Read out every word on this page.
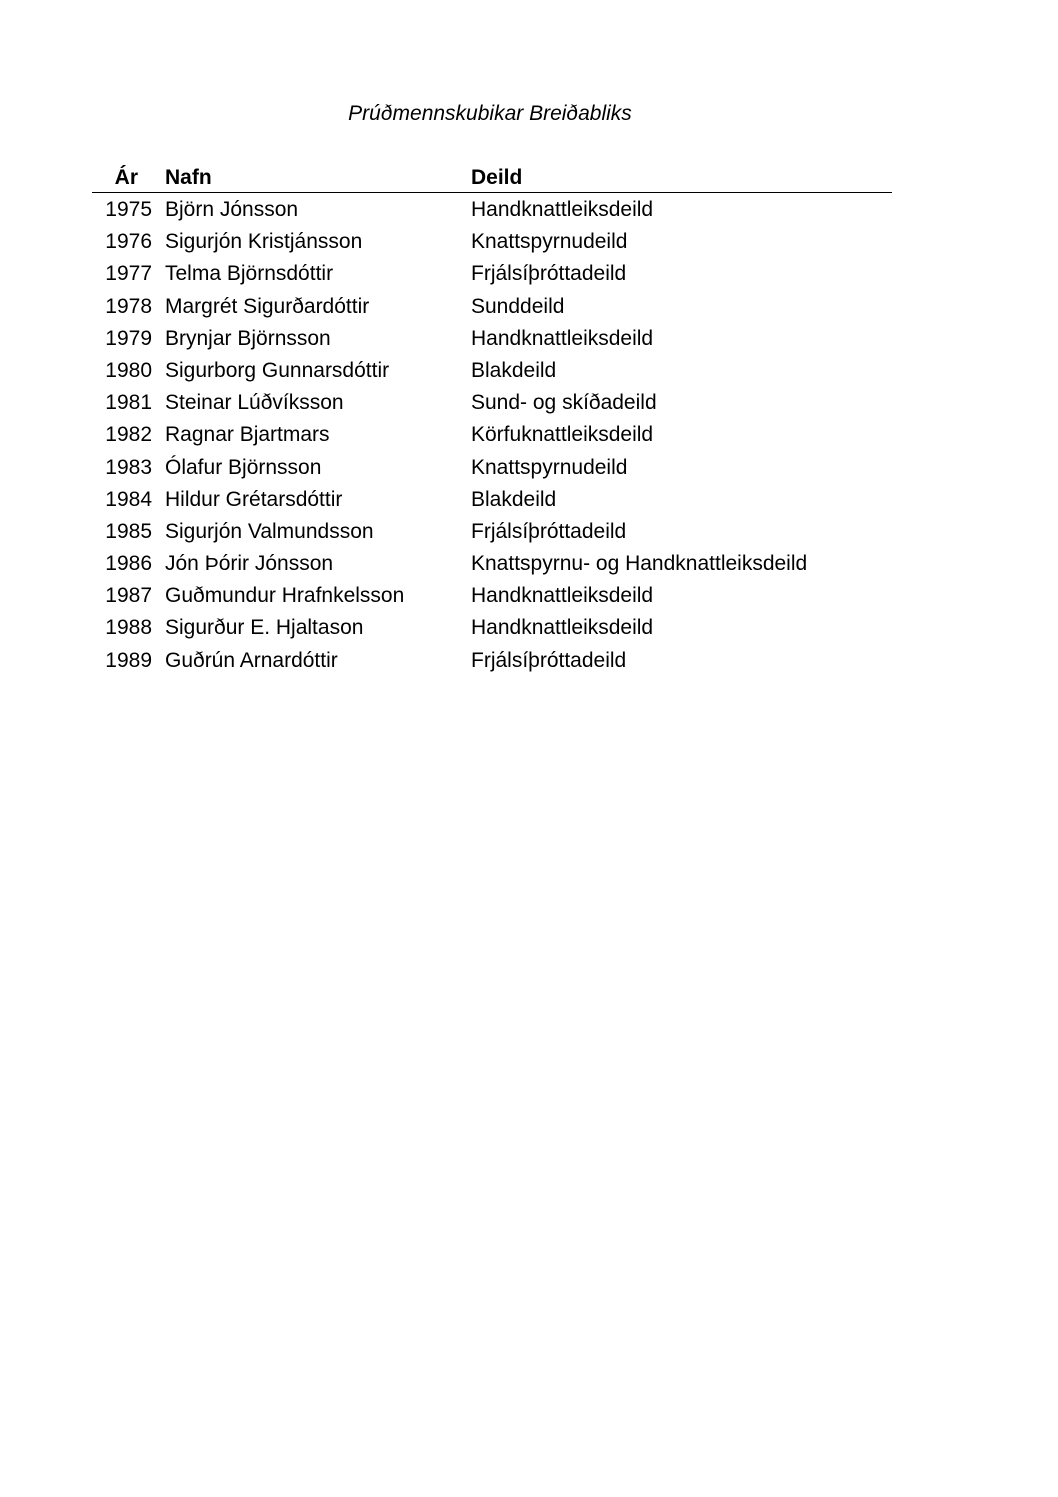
Prúðmennskubikar Breiðabliks
Ár Nafn	Deild
1975 Björn Jónsson	Handknattleiksdeild
1976 Sigurjón Kristjánsson	Knattspyrnudeild
1977 Telma Björnsdóttir	Frjálsíþróttadeild
1978 Margrét Sigurðardóttir	Sunddeild
1979 Brynjar Björnsson	Handknattleiksdeild
1980 Sigurborg Gunnarsdóttir	Blakdeild
1981 Steinar Lúðvíksson	Sund- og skíðadeild
1982 Ragnar Bjartmars	Körfuknattleiksdeild
1983 Ólafur Björnsson	Knattspyrnudeild
1984 Hildur Grétarsdóttir	Blakdeild
1985 Sigurjón Valmundsson	Frjálsíþróttadeild
1986 Jón Þórir Jónsson	Knattspyrnu- og Handknattleiksdeild
1987 Guðmundur Hrafnkelsson	Handknattleiksdeild
1988 Sigurður E. Hjaltason	Handknattleiksdeild
1989 Guðrún Arnardóttir	Frjálsíþróttadeild
